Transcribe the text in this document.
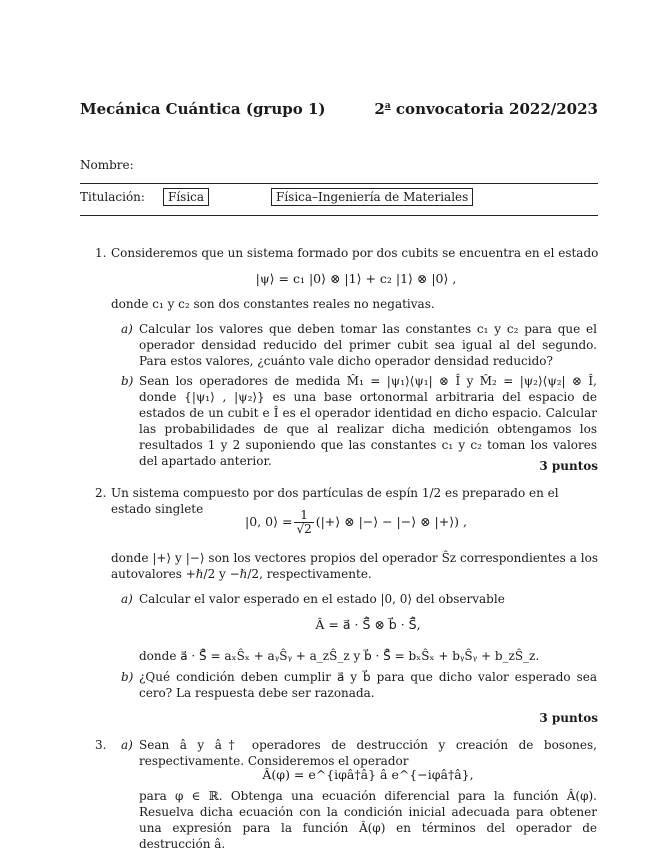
Mecánica Cuántica (grupo 1)	2$^a$ convocatoria 2022/2023
Nombre:
Titulación:	Física	Física–Ingeniería de Materiales
1. Consideremos que un sistema formado por dos cubits se encuentra en el estado
|ψ⟩ = c₁ |0⟩ ⊗ |1⟩ + c₂ |1⟩ ⊗ |0⟩ ,
donde c₁ y c₂ son dos constantes reales no negativas.
a) Calcular los valores que deben tomar las constantes c₁ y c₂ para que el operador densidad reducido del primer cubit sea igual al del segundo. Para estos valores, ¿cuánto vale dicho operador densidad reducido?
b) Sean los operadores de medida M̂₁ = |ψ₁⟩⟨ψ₁| ⊗ Î y M̂₂ = |ψ₂⟩⟨ψ₂| ⊗ Î, donde {|ψ₁⟩ , |ψ₂⟩} es una base ortonormal arbitraria del espacio de estados de un cubit e Î es el operador identidad en dicho espacio. Calcular las probabilidades de que al realizar dicha medición obtengamos los resultados 1 y 2 suponiendo que las constantes c₁ y c₂ toman los valores del apartado anterior.	3 puntos
2. Un sistema compuesto por dos partículas de espín 1/2 es preparado en el estado singlete
|0, 0⟩ = $\frac{1}{√2}$ (|+⟩ ⊗ |−⟩ − |−⟩ ⊗ |+⟩) ,
donde |+⟩ y |−⟩ son los vectores propios del operador Ŝz correspondientes a los autovalores +ℏ/2 y −ℏ/2, respectivamente.
a) Calcular el valor esperado en el estado |0, 0⟩ del observable
Â = a⃗ · S⃗̂ ⊗ b⃗ · S⃗̂,
donde a⃗ · S⃗̂ = aₓŜₓ + aᵧŜᵧ + a_zŜ_z y b⃗ · S⃗̂ = bₓŜₓ + bᵧŜᵧ + b_zŜ_z.
b) ¿Qué condición deben cumplir a⃗ y b⃗ para que dicho valor esperado sea cero? La respuesta debe ser razonada.
3 puntos
3. a) Sean â y â† operadores de destrucción y creación de bosones, respectivamente. Consideremos el operador
Â(φ) = e^{iφâ†â} â e^{−iφâ†â},
para φ ∈ ℝ. Obtenga una ecuación diferencial para la función Â(φ). Resuelva dicha ecuación con la condición inicial adecuada para obtener una expresión para la función Â(φ) en términos del operador de destrucción â.
